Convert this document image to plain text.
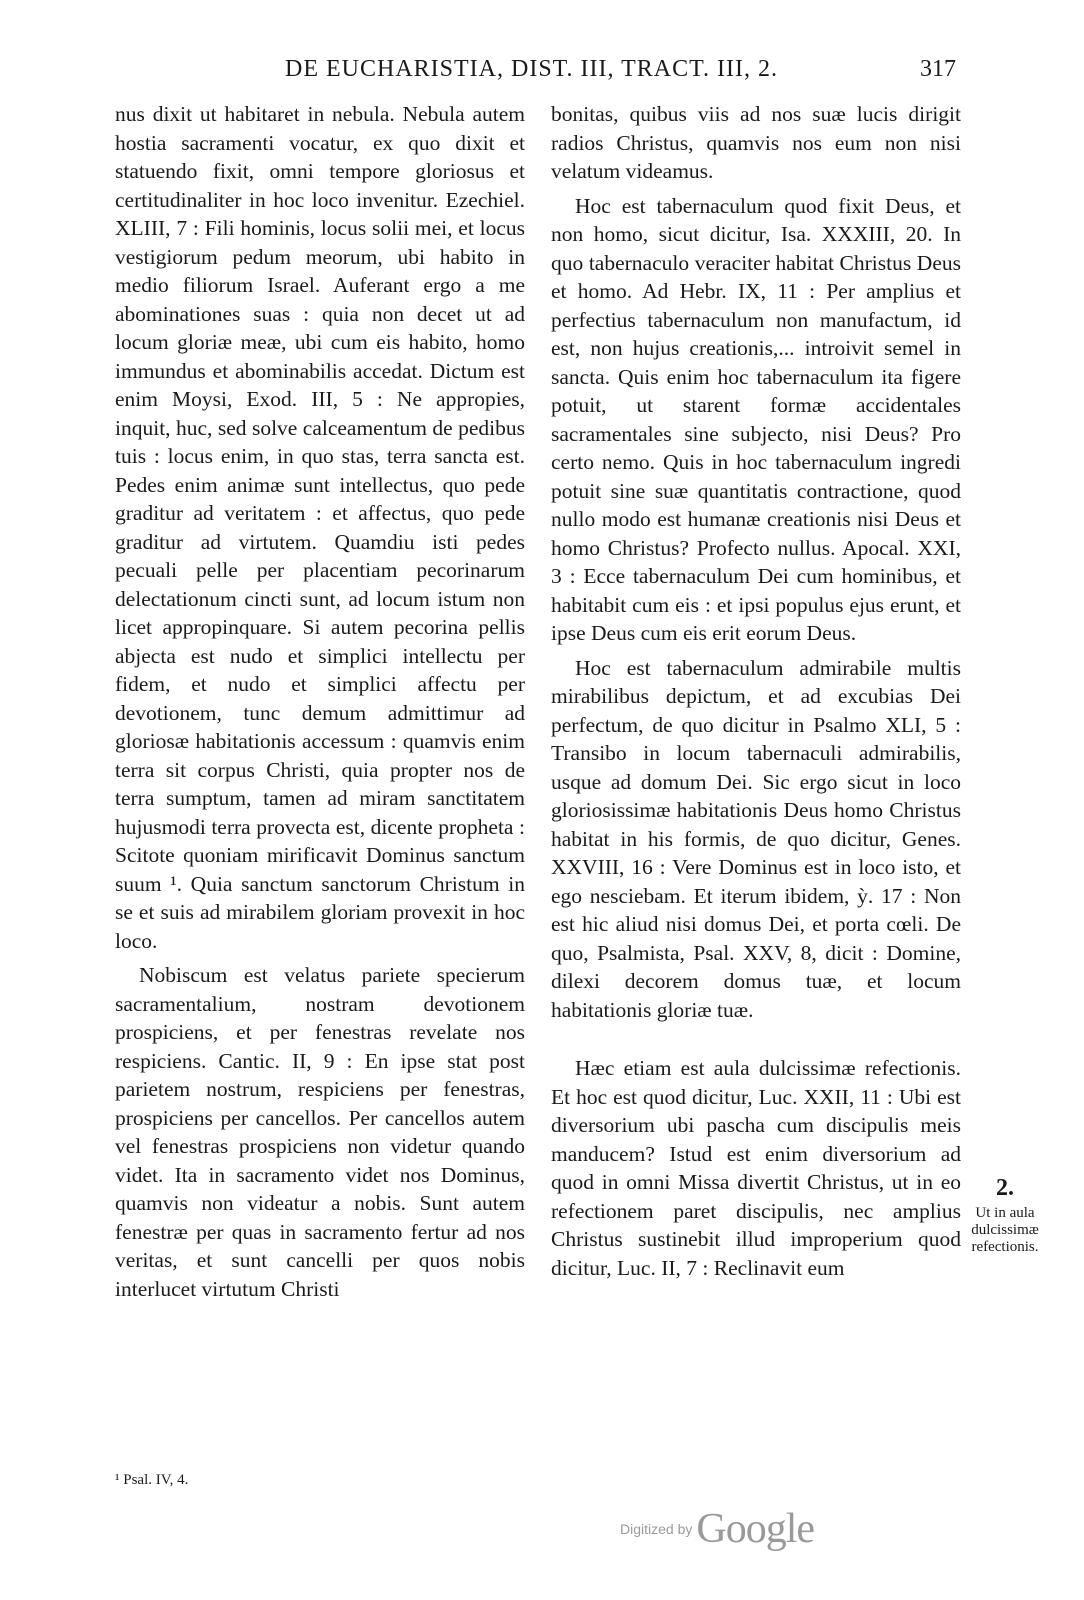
DE EUCHARISTIA, DIST. III, TRACT. III, 2.	317

nus dixit ut habitaret in nebula. Nebula autem hostia sacramenti vocatur, ex quo dixit et statuendo fixit, omni tempore gloriosus et certitudinaliter in hoc loco invenitur. Ezechiel. XLIII, 7 : Fili hominis, locus solii mei, et locus vestigiorum pedum meorum, ubi habito in medio filiorum Israel. Auferant ergo a me abominationes suas : quia non decet ut ad locum gloriæ meæ, ubi cum eis habito, homo immundus et abominabilis accedat. Dictum est enim Moysi, Exod. III, 5 : Ne appropies, inquit, huc, sed solve calceamentum de pedibus tuis : locus enim, in quo stas, terra sancta est. Pedes enim animæ sunt intellectus, quo pede graditur ad veritatem : et affectus, quo pede graditur ad virtutem. Quamdiu isti pedes pecuali pelle per placentiam pecorinarum delectationum cincti sunt, ad locum istum non licet appropinquare. Si autem pecorina pellis abjecta est nudo et simplici intellectu per fidem, et nudo et simplici affectu per devotionem, tunc demum admittimur ad gloriosæ habitationis accessum : quamvis enim terra sit corpus Christi, quia propter nos de terra sumptum, tamen ad miram sanctitatem hujusmodi terra provecta est, dicente propheta : Scitote quoniam mirificavit Dominus sanctum suum ¹. Quia sanctum sanctorum Christum in se et suis ad mirabilem gloriam provexit in hoc loco.

Nobiscum est velatus pariete specierum sacramentalium, nostram devotionem prospiciens, et per fenestras revelate nos respiciens. Cantic. II, 9 : En ipse stat post parietem nostrum, respiciens per fenestras, prospiciens per cancellos. Per cancellos autem vel fenestras prospiciens non videtur quando videt. Ita in sacramento videt nos Dominus, quamvis non videatur a nobis. Sunt autem fenestræ per quas in sacramento fertur ad nos veritas, et sunt cancelli per quos nobis interlucet virtutum Christi

bonitas, quibus viis ad nos suæ lucis dirigit radios Christus, quamvis nos eum non nisi velatum videamus.

Hoc est tabernaculum quod fixit Deus, et non homo, sicut dicitur, Isa. XXXIII, 20. In quo tabernaculo veraciter habitat Christus Deus et homo. Ad Hebr. IX, 11 : Per amplius et perfectius tabernaculum non manufactum, id est, non hujus creationis,... introivit semel in sancta. Quis enim hoc tabernaculum ita figere potuit, ut starent formæ accidentales sacramentales sine subjecto, nisi Deus? Pro certo nemo. Quis in hoc tabernaculum ingredi potuit sine suæ quantitatis contractione, quod nullo modo est humanæ creationis nisi Deus et homo Christus? Profecto nullus. Apocal. XXI, 3 : Ecce tabernaculum Dei cum hominibus, et habitabit cum eis : et ipsi populus ejus erunt, et ipse Deus cum eis erit eorum Deus.

Hoc est tabernaculum admirabile multis mirabilibus depictum, et ad excubias Dei perfectum, de quo dicitur in Psalmo XLI, 5 : Transibo in locum tabernaculi admirabilis, usque ad domum Dei. Sic ergo sicut in loco gloriosissimæ habitationis Deus homo Christus habitat in his formis, de quo dicitur, Genes. XXVIII, 16 : Vere Dominus est in loco isto, et ego nesciebam. Et iterum ibidem, ỳ. 17 : Non est hic aliud nisi domus Dei, et porta cœli. De quo, Psalmista, Psal. XXV, 8, dicit : Domine, dilexi decorem domus tuæ, et locum habitationis gloriæ tuæ.

Hæc etiam est aula dulcissimæ refectionis. Et hoc est quod dicitur, Luc. XXII, 11 : Ubi est diversorium ubi pascha cum discipulis meis manducem? Istud est enim diversorium ad quod in omni Missa divertit Christus, ut in eo refectionem paret discipulis, nec amplius Christus sustinebit illud improperium quod dicitur, Luc. II, 7 : Reclinavit eum

2.
Ut in aula dulcissimæ refectionis.
¹ Psal. IV, 4.
Digitized by Google
